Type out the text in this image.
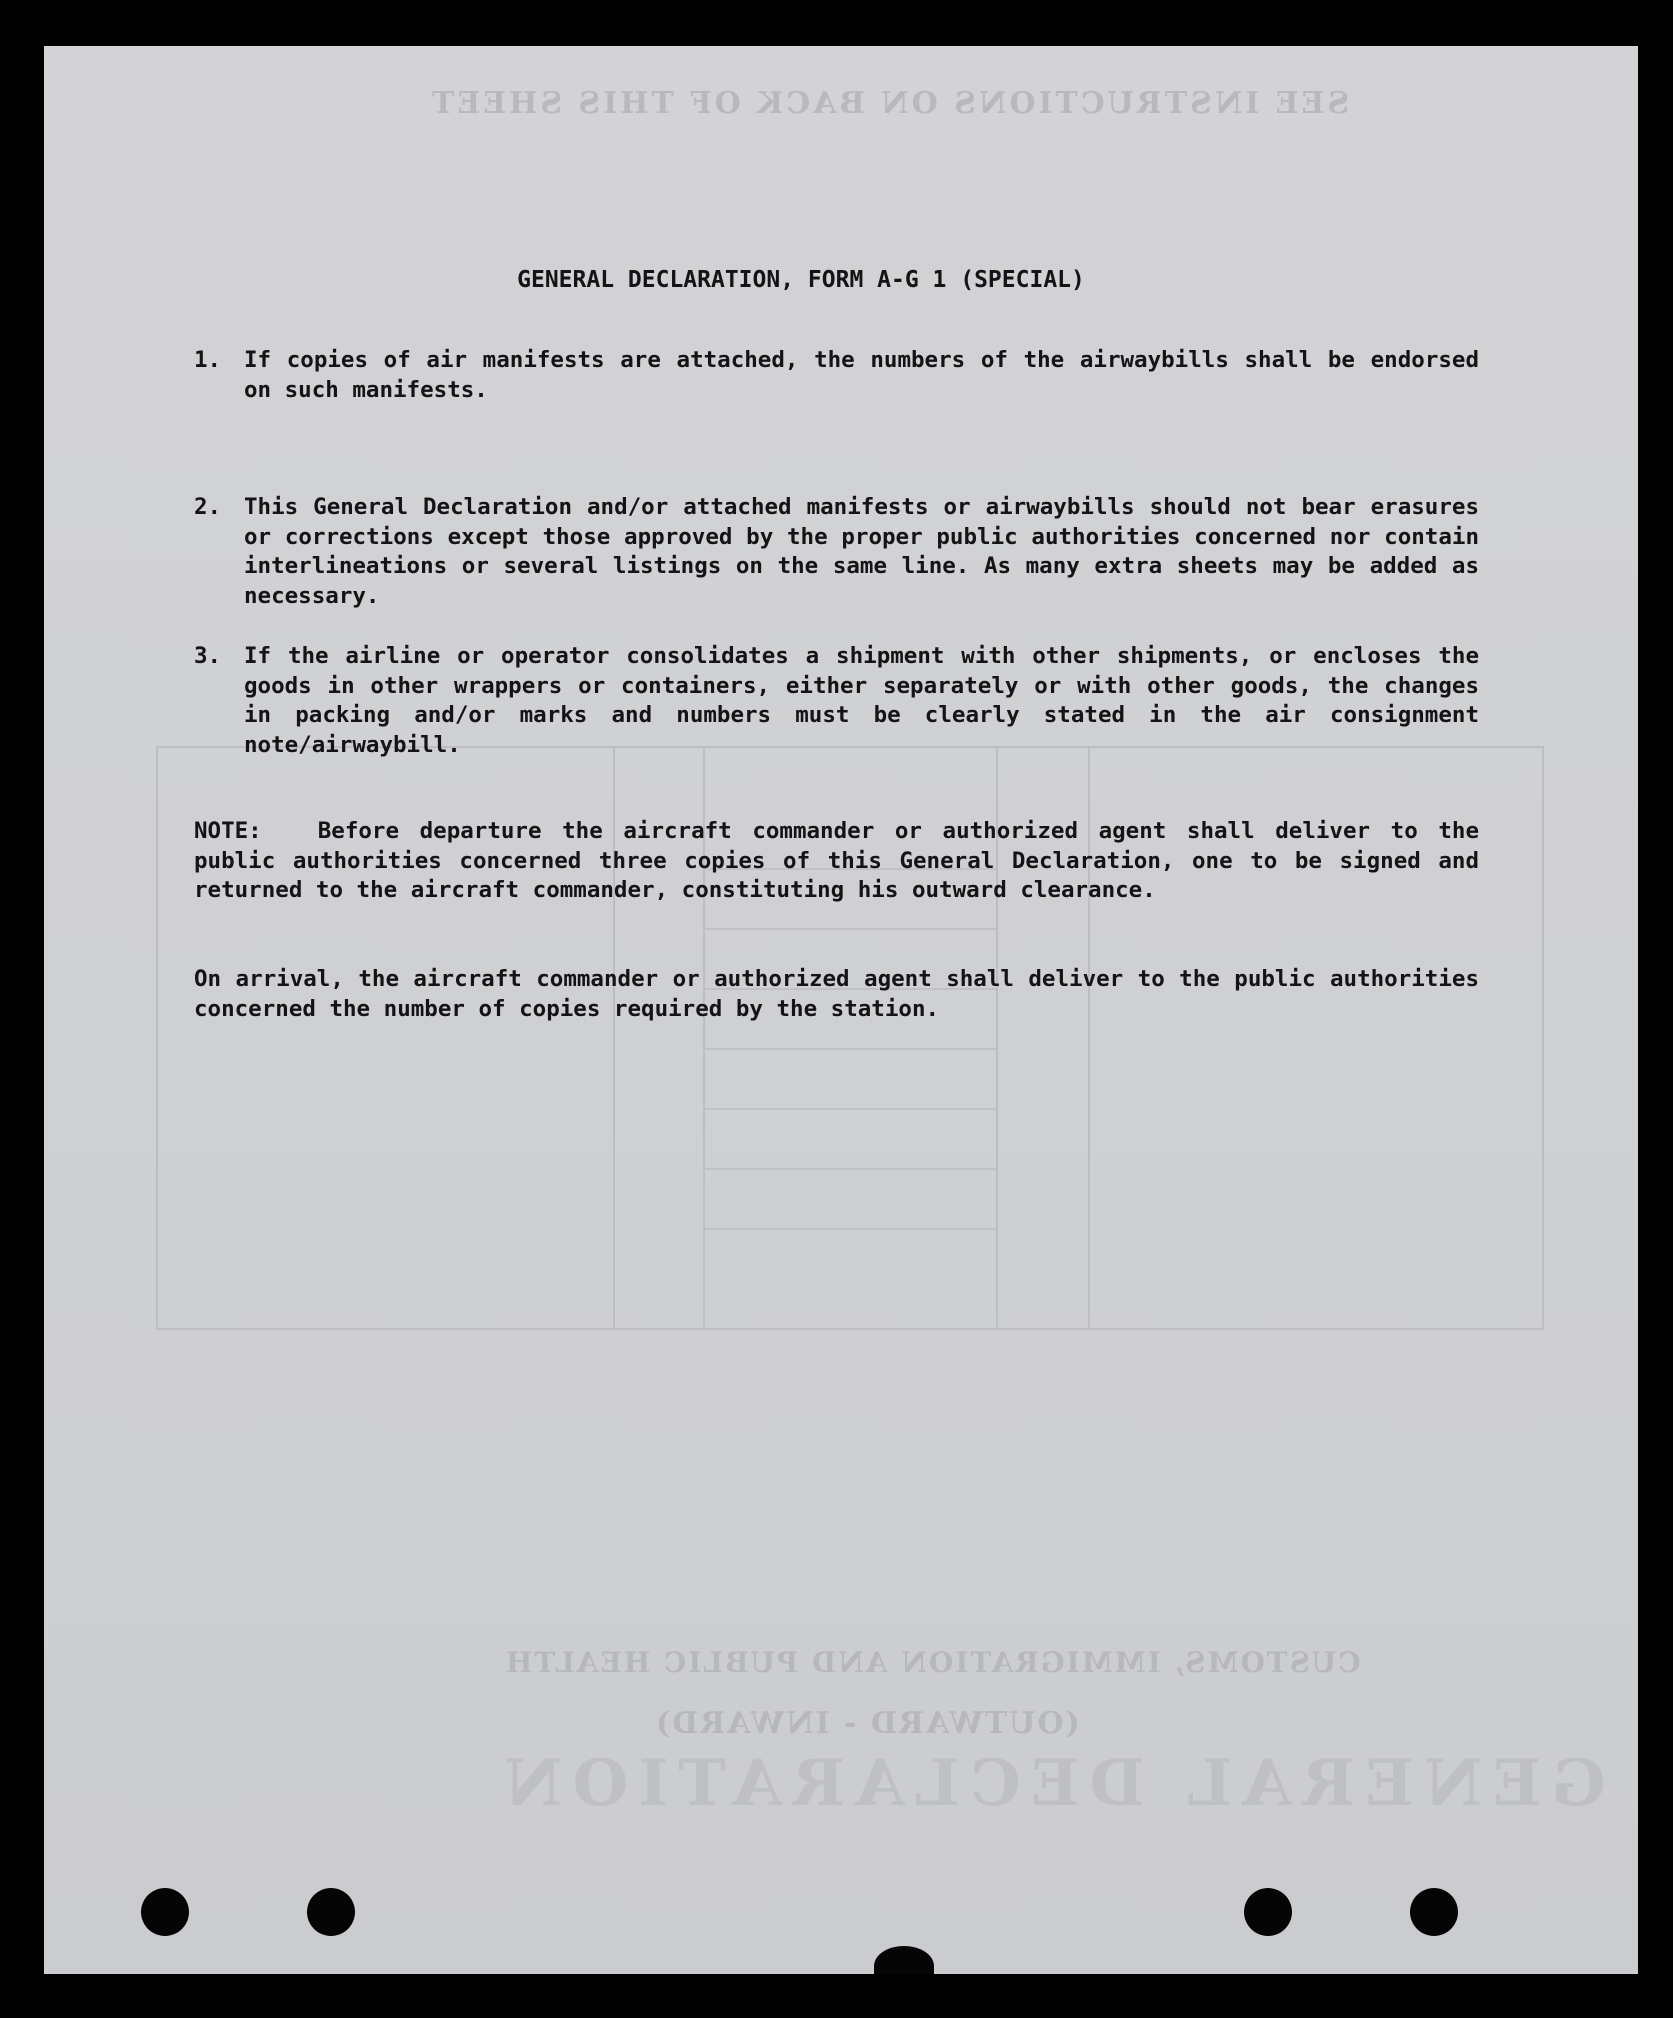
SEE INSTRUCTIONS ON BACK OF THIS SHEET
CUSTOMS, IMMIGRATION AND PUBLIC HEALTH
(OUTWARD - INWARD)
GENERAL DECLARATION
GENERAL DECLARATION, FORM A-G 1 (SPECIAL)
1.	If copies of air manifests are attached, the numbers of the airwaybills shall be endorsed on such manifests.
2.	This General Declaration and/or attached manifests or airwaybills should not bear erasures or corrections except those approved by the proper public authorities concerned nor contain interlineations or several listings on the same line. As many extra sheets may be added as necessary.
3.	If the airline or operator consolidates a shipment with other shipments, or encloses the goods in other wrappers or containers, either separately or with other goods, the changes in packing and/or marks and numbers must be clearly stated in the air consignment note/airwaybill.
NOTE: Before departure the aircraft commander or authorized agent shall deliver to the public authorities concerned three copies of this General Declaration, one to be signed and returned to the aircraft commander, constituting his outward clearance.
On arrival, the aircraft commander or authorized agent shall deliver to the public authorities concerned the number of copies required by the station.
